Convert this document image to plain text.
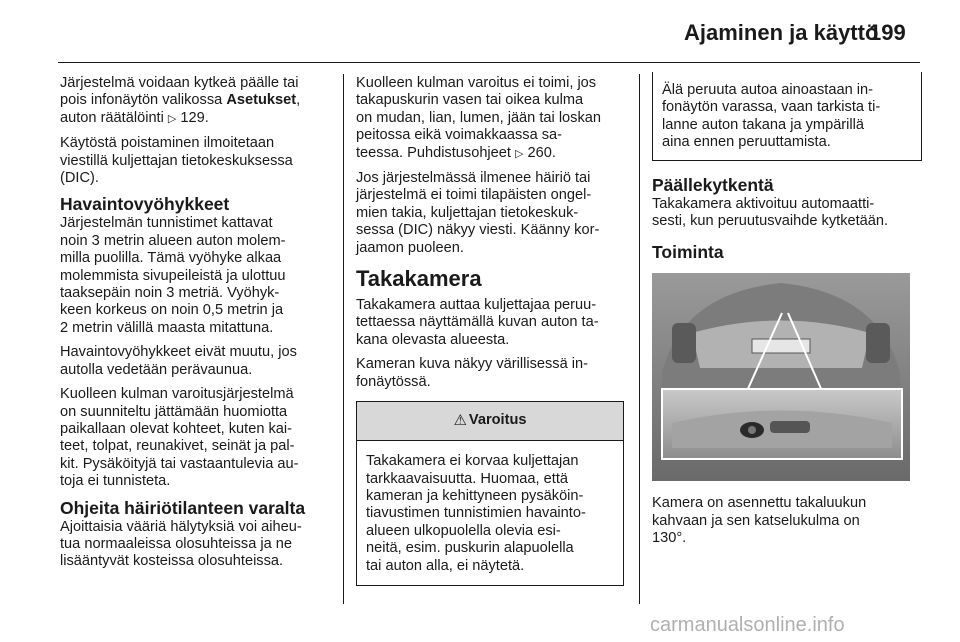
Ajaminen ja käyttö
199

Järjestelmä voidaan kytkeä päälle tai
pois infonäytön valikossa Asetukset,
auton räätälöinti ▷ 129.

Käytöstä poistaminen ilmoitetaan
viestillä kuljettajan tietokeskuksessa
(DIC).

Havaintovyöhykkeet

Järjestelmän tunnistimet kattavat
noin 3 metrin alueen auton molem-
milla puolilla. Tämä vyöhyke alkaa
molemmista sivupeileistä ja ulottuu
taaksepäin noin 3 metriä. Vyöhyk-
keen korkeus on noin 0,5 metrin ja
2 metrin välillä maasta mitattuna.

Havaintovyöhykkeet eivät muutu, jos
autolla vedetään perävaunua.

Kuolleen kulman varoitusjärjestelmä
on suunniteltu jättämään huomiotta
paikallaan olevat kohteet, kuten kai-
teet, tolpat, reunakivet, seinät ja pal-
kit. Pysäköityjä tai vastaantulevia au-
toja ei tunnisteta.

Ohjeita häiriötilanteen varalta

Ajoittaisia vääriä hälytyksiä voi aiheu-
tua normaaleissa olosuhteissa ja ne
lisääntyvät kosteissa olosuhteissa.

Kuolleen kulman varoitus ei toimi, jos
takapuskurin vasen tai oikea kulma
on mudan, lian, lumen, jään tai loskan
peitossa eikä voimakkaassa sa-
teessa. Puhdistusohjeet ▷ 260.

Jos järjestelmässä ilmenee häiriö tai
järjestelmä ei toimi tilapäisten ongel-
mien takia, kuljettajan tietokeskuk-
sessa (DIC) näkyy viesti. Käänny kor-
jaamon puoleen.

Takakamera

Takakamera auttaa kuljettajaa peruu-
tettaessa näyttämällä kuvan auton ta-
kana olevasta alueesta.

Kameran kuva näkyy värillisessä in-
fonäytössä.

⚠ Varoitus
Takakamera ei korvaa kuljettajan
tarkkaavaisuutta. Huomaa, että
kameran ja kehittyneen pysäköin-
tiavustimen tunnistimien havainto-
alueen ulkopuolella olevia esi-
neitä, esim. puskurin alapuolella
tai auton alla, ei näytetä.
Älä peruuta autoa ainoastaan in-
fonäytön varassa, vaan tarkista ti-
lanne auton takana ja ympärillä
aina ennen peruuttamista.
Päällekytkentä

Takakamera aktivoituu automaatti-
sesti, kun peruutusvaihde kytketään.

Toiminta

Kamera on asennettu takaluukun
kahvaan ja sen katselukulma on
130°.

carmanualsonline.info
